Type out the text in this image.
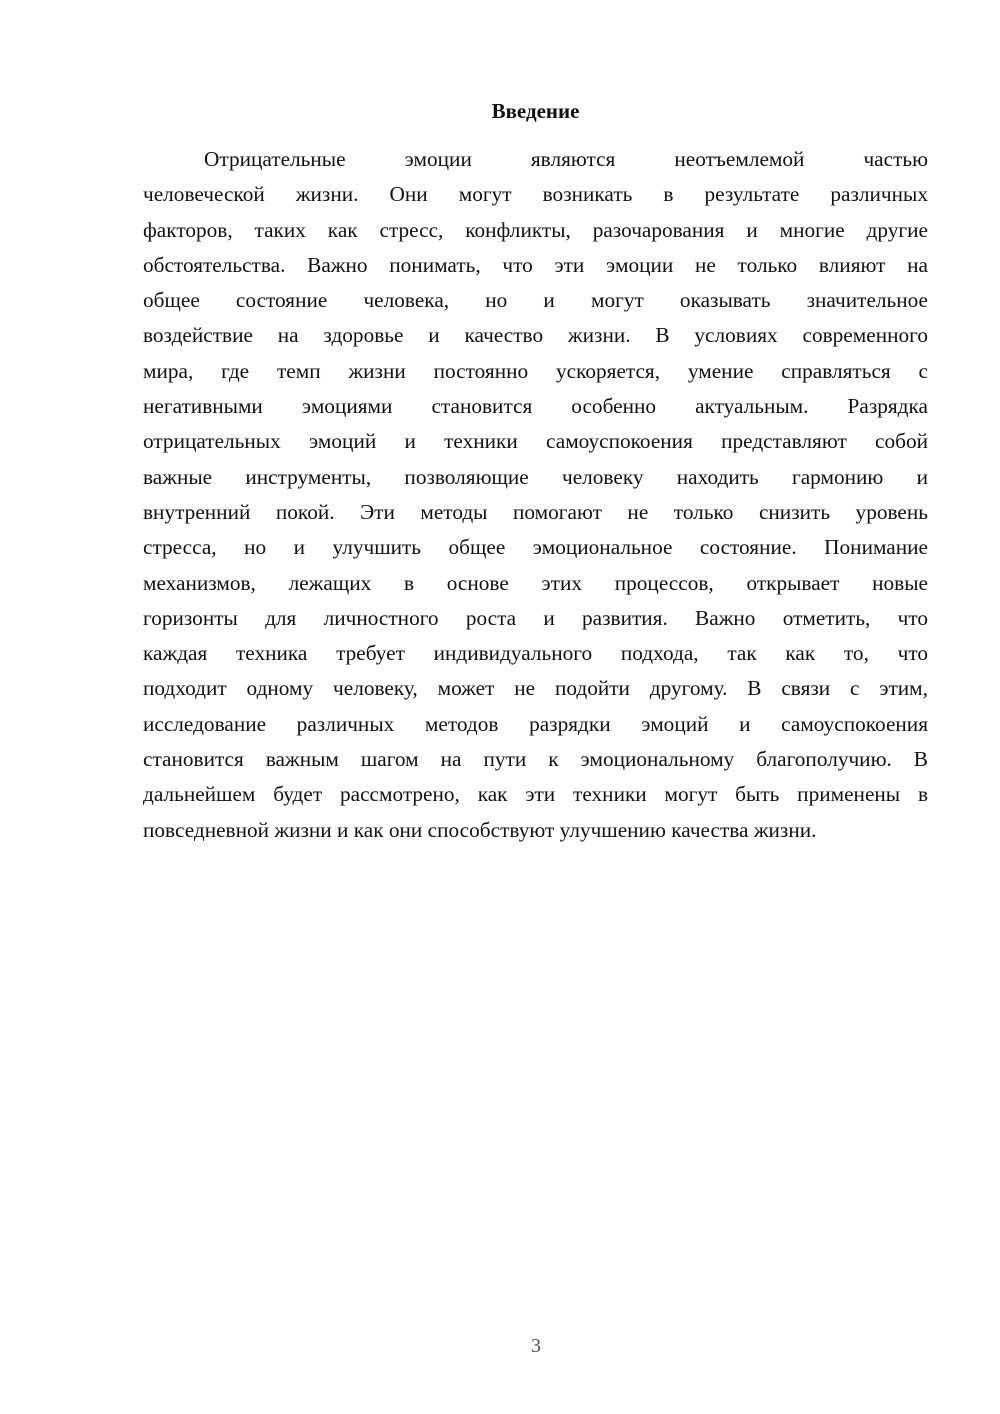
Введение
Отрицательные эмоции являются неотъемлемой частью
человеческой жизни. Они могут возникать в результате различных
факторов, таких как стресс, конфликты, разочарования и многие другие
обстоятельства. Важно понимать, что эти эмоции не только влияют на
общее состояние человека, но и могут оказывать значительное
воздействие на здоровье и качество жизни. В условиях современного
мира, где темп жизни постоянно ускоряется, умение справляться с
негативными эмоциями становится особенно актуальным. Разрядка
отрицательных эмоций и техники самоуспокоения представляют собой
важные инструменты, позволяющие человеку находить гармонию и
внутренний покой. Эти методы помогают не только снизить уровень
стресса, но и улучшить общее эмоциональное состояние. Понимание
механизмов, лежащих в основе этих процессов, открывает новые
горизонты для личностного роста и развития. Важно отметить, что
каждая техника требует индивидуального подхода, так как то, что
подходит одному человеку, может не подойти другому. В связи с этим,
исследование различных методов разрядки эмоций и самоуспокоения
становится важным шагом на пути к эмоциональному благополучию. В
дальнейшем будет рассмотрено, как эти техники могут быть применены в
повседневной жизни и как они способствуют улучшению качества жизни.
3
